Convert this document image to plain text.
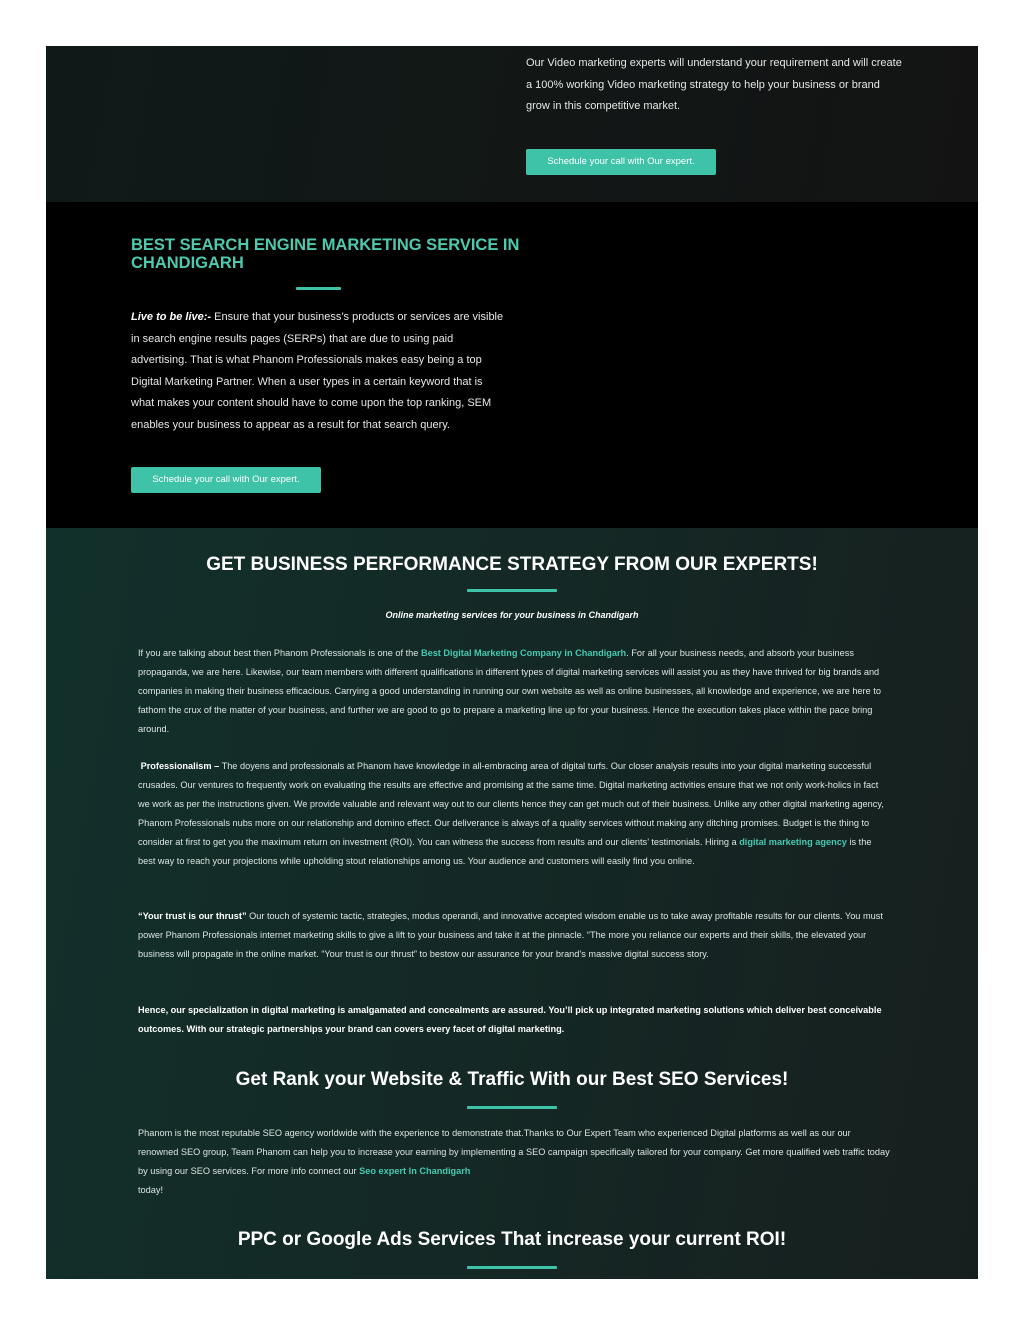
Our Video marketing experts will understand your requirement and will create a 100% working Video marketing strategy to help your business or brand grow in this competitive market.

Schedule your call with Our expert.
BEST SEARCH ENGINE MARKETING SERVICE IN CHANDIGARH

Live to be live:- Ensure that your business’s products or services are visible in search engine results pages (SERPs) that are due to using paid advertising. That is what Phanom Professionals makes easy being a top Digital Marketing Partner. When a user types in a certain keyword that is what makes your content should have to come upon the top ranking, SEM enables your business to appear as a result for that search query.

Schedule your call with Our expert.
GET BUSINESS PERFORMANCE STRATEGY FROM OUR EXPERTS!
Online marketing services for your business in Chandigarh

If you are talking about best then Phanom Professionals is one of the Best Digital Marketing Company in Chandigarh. For all your business needs, and absorb your business propaganda, we are here. Likewise, our team members with different qualifications in different types of digital marketing services will assist you as they have thrived for big brands and companies in making their business efficacious. Carrying a good understanding in running our own website as well as online businesses, all knowledge and experience, we are here to fathom the crux of the matter of your business, and further we are good to go to prepare a marketing line up for your business. Hence the execution takes place within the pace bring around.

Professionalism – The doyens and professionals at Phanom have knowledge in all-embracing area of digital turfs. Our closer analysis results into your digital marketing successful crusades. Our ventures to frequently work on evaluating the results are effective and promising at the same time. Digital marketing activities ensure that we not only work-holics in fact we work as per the instructions given. We provide valuable and relevant way out to our clients hence they can get much out of their business. Unlike any other digital marketing agency, Phanom Professionals nubs more on our relationship and domino effect. Our deliverance is always of a quality services without making any ditching promises. Budget is the thing to consider at first to get you the maximum return on investment (ROI). You can witness the success from results and our clients’ testimonials. Hiring a digital marketing agency is the best way to reach your projections while upholding stout relationships among us. Your audience and customers will easily find you online.

“Your trust is our thrust” Our touch of systemic tactic, strategies, modus operandi, and innovative accepted wisdom enable us to take away profitable results for our clients. You must power Phanom Professionals internet marketing skills to give a lift to your business and take it at the pinnacle. “The more you reliance our experts and their skills, the elevated your business will propagate in the online market. “Your trust is our thrust” to bestow our assurance for your brand’s massive digital success story.

Hence, our specialization in digital marketing is amalgamated and concealments are assured. You’ll pick up integrated marketing solutions which deliver best conceivable outcomes. With our strategic partnerships your brand can covers every facet of digital marketing.

Get Rank your Website & Traffic With our Best SEO Services!

Phanom is the most reputable SEO agency worldwide with the experience to demonstrate that.Thanks to Our Expert Team who experienced Digital platforms as well as our our renowned SEO group, Team Phanom can help you to increase your earning by implementing a SEO campaign specifically tailored for your company. Get more qualified web traffic today by using our SEO services. For more info connect our Seo expert In Chandigarh
today!

PPC or Google Ads Services That increase your current ROI!
